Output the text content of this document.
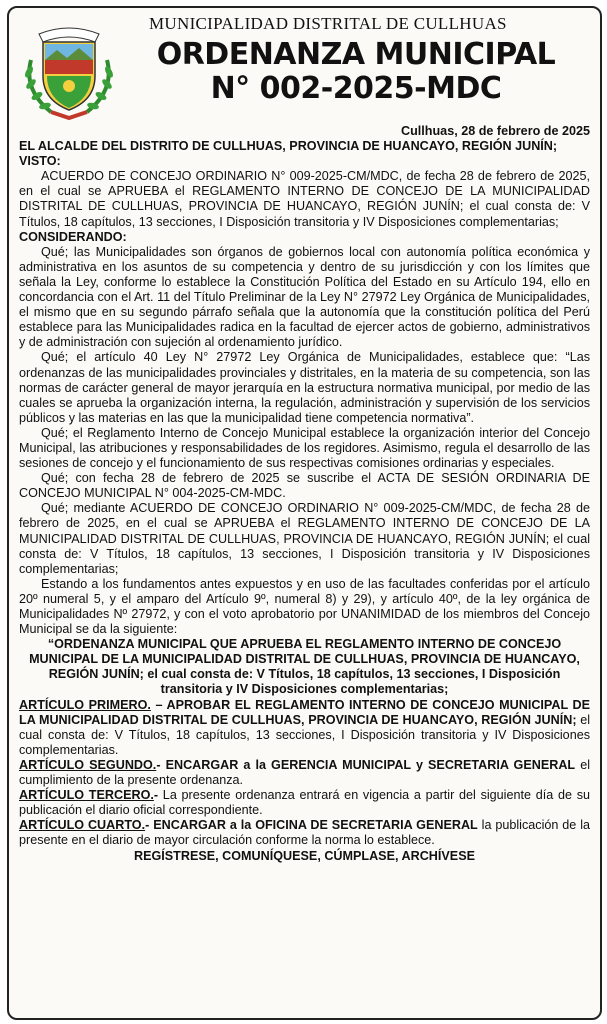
MUNICIPALIDAD DISTRITAL DE CULLHUAS
ORDENANZA MUNICIPAL
N° 002-2025-MDC

Cullhuas, 28 de febrero de 2025

EL ALCALDE DEL DISTRITO DE CULLHUAS, PROVINCIA DE HUANCAYO, REGIÓN JUNÍN;

VISTO:

ACUERDO DE CONCEJO ORDINARIO N° 009-2025-CM/MDC, de fecha 28 de febrero de 2025, en el cual se APRUEBA el REGLAMENTO INTERNO DE CONCEJO DE LA MUNICIPALIDAD DISTRITAL DE CULLHUAS, PROVINCIA DE HUANCAYO, REGIÓN JUNÍN; el cual consta de: V Títulos, 18 capítulos, 13 secciones, I Disposición transitoria y IV Disposiciones complementarias;

CONSIDERANDO:

Qué; las Municipalidades son órganos de gobiernos local con autonomía política económica y administrativa en los asuntos de su competencia y dentro de su jurisdicción y con los límites que señala la Ley, conforme lo establece la Constitución Política del Estado en su Artículo 194, ello en concordancia con el Art. 11 del Título Preliminar de la Ley N° 27972 Ley Orgánica de Municipalidades, el mismo que en su segundo párrafo señala que la autonomía que la constitución política del Perú establece para las Municipalidades radica en la facultad de ejercer actos de gobierno, administrativos y de administración con sujeción al ordenamiento jurídico.

Qué; el artículo 40 Ley N° 27972 Ley Orgánica de Municipalidades, establece que: “Las ordenanzas de las municipalidades provinciales y distritales, en la materia de su competencia, son las normas de carácter general de mayor jerarquía en la estructura normativa municipal, por medio de las cuales se aprueba la organización interna, la regulación, administración y supervisión de los servicios públicos y las materias en las que la municipalidad tiene competencia normativa”.

Qué; el Reglamento Interno de Concejo Municipal establece la organización interior del Concejo Municipal, las atribuciones y responsabilidades de los regidores. Asimismo, regula el desarrollo de las sesiones de concejo y el funcionamiento de sus respectivas comisiones ordinarias y especiales.

Qué; con fecha 28 de febrero de 2025 se suscribe el ACTA DE SESIÓN ORDINARIA DE CONCEJO MUNICIPAL N° 004-2025-CM-MDC.

Qué; mediante ACUERDO DE CONCEJO ORDINARIO N° 009-2025-CM/MDC, de fecha 28 de febrero de 2025, en el cual se APRUEBA el REGLAMENTO INTERNO DE CONCEJO DE LA MUNICIPALIDAD DISTRITAL DE CULLHUAS, PROVINCIA DE HUANCAYO, REGIÓN JUNÍN; el cual consta de: V Títulos, 18 capítulos, 13 secciones, I Disposición transitoria y IV Disposiciones complementarias;

Estando a los fundamentos antes expuestos y en uso de las facultades conferidas por el artículo 20º numeral 5, y el amparo del Artículo 9º, numeral 8) y 29), y artículo 40º, de la ley orgánica de Municipalidades Nº 27972, y con el voto aprobatorio por UNANIMIDAD de los miembros del Concejo Municipal se da la siguiente:

“ORDENANZA MUNICIPAL QUE APRUEBA EL REGLAMENTO INTERNO DE CONCEJO MUNICIPAL DE LA MUNICIPALIDAD DISTRITAL DE CULLHUAS, PROVINCIA DE HUANCAYO, REGIÓN JUNÍN; el cual consta de: V Títulos, 18 capítulos, 13 secciones, I Disposición transitoria y IV Disposiciones complementarias;

ARTÍCULO PRIMERO. – APROBAR EL REGLAMENTO INTERNO DE CONCEJO MUNICIPAL DE LA MUNICIPALIDAD DISTRITAL DE CULLHUAS, PROVINCIA DE HUANCAYO, REGIÓN JUNÍN; el cual consta de: V Títulos, 18 capítulos, 13 secciones, I Disposición transitoria y IV Disposiciones complementarias.

ARTÍCULO SEGUNDO.- ENCARGAR a la GERENCIA MUNICIPAL y SECRETARIA GENERAL el cumplimiento de la presente ordenanza.

ARTÍCULO TERCERO.- La presente ordenanza entrará en vigencia a partir del siguiente día de su publicación el diario oficial correspondiente.

ARTÍCULO CUARTO.- ENCARGAR a la OFICINA DE SECRETARIA GENERAL la publicación de la presente en el diario de mayor circulación conforme la norma lo establece.

REGÍSTRESE, COMUNÍQUESE, CÚMPLASE, ARCHÍVESE
